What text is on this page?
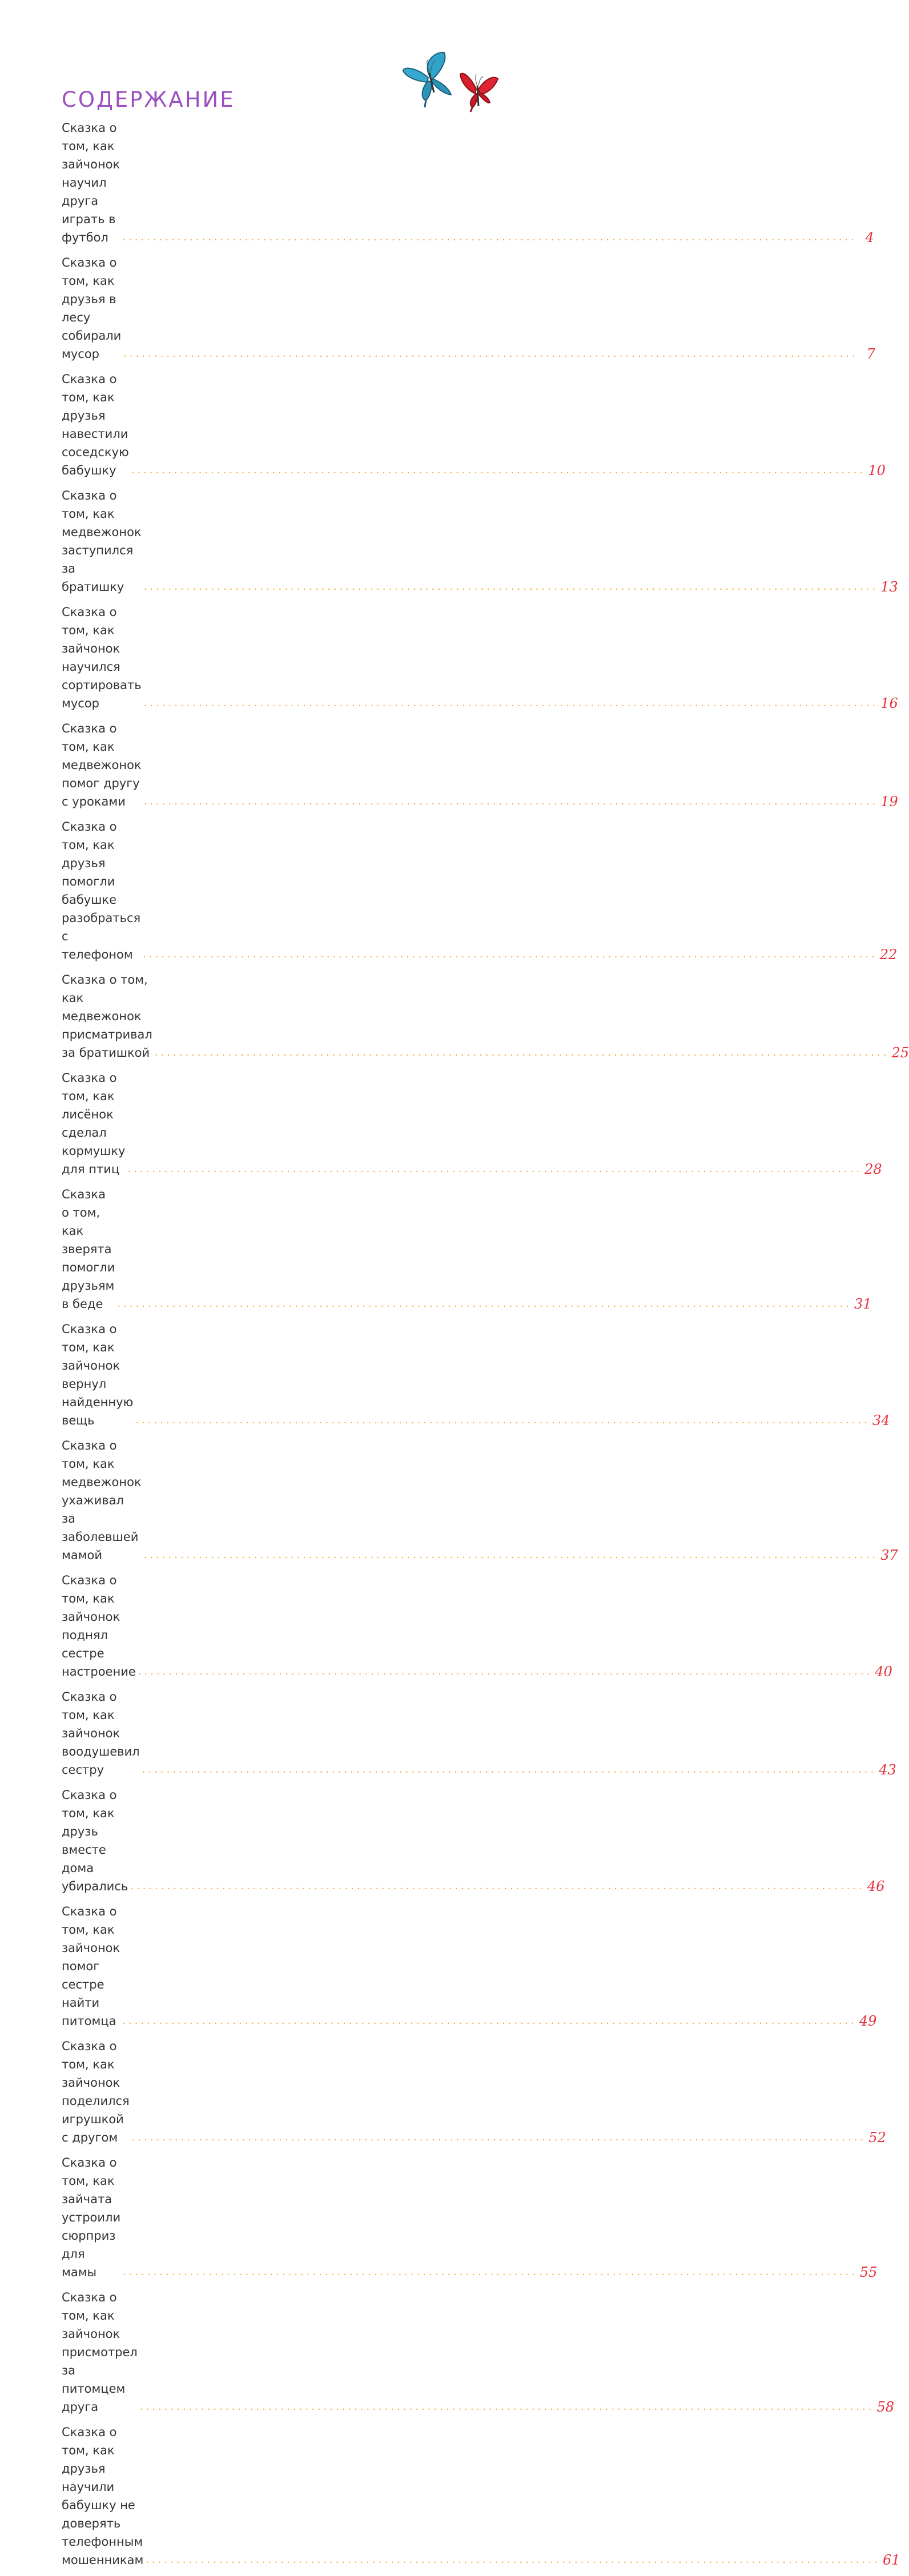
СОДЕРЖАНИЕ
Сказка о том, как зайчонок научил друга играть в футбол	........................................................................................................................ 4
Сказка о том, как друзья в лесу собирали мусор	........................................................................................................................ 7
Сказка о том, как друзья навестили соседскую бабушку	........................................................................................................................ 10
Сказка о том, как медвежонок заступился за братишку	........................................................................................................................ 13
Сказка о том, как зайчонок научился сортировать мусор	........................................................................................................................ 16
Сказка о том, как медвежонок помог другу с уроками	........................................................................................................................ 19
Сказка о том, как друзья помогли бабушке разобраться
с телефоном ........................................................................................................................ 22
Сказка о том, как медвежонок присматривал за братишкой ........................................................................................................................ 25
Сказка о том, как лисёнок сделал кормушку для птиц ........................................................................................................................ 28
Сказка о том, как зверята помогли друзьям в беде	........................................................................................................................ 31
Сказка о том, как зайчонок вернул найденную вещь	........................................................................................................................ 34
Сказка о том, как медвежонок ухаживал
за заболевшей мамой	........................................................................................................................ 37
Сказка о том, как зайчонок поднял сестре настроение ........................................................................................................................ 40
Сказка о том, как зайчонок воодушевил сестру	........................................................................................................................ 43
Сказка о том, как друзь вместе дома убирались ........................................................................................................................ 46
Сказка о том, как зайчонок помог сестре найти питомца ........................................................................................................................ 49
Сказка о том, как зайчонок поделился игрушкой с другом	........................................................................................................................ 52
Сказка о том, как зайчата устроили сюрприз для мамы	........................................................................................................................ 55
Сказка о том, как зайчонок присмотрел за питомцем друга	........................................................................................................................ 58
Сказка о том, как друзья научили бабушку не доверять
телефонным мошенникам ........................................................................................................................ 61
